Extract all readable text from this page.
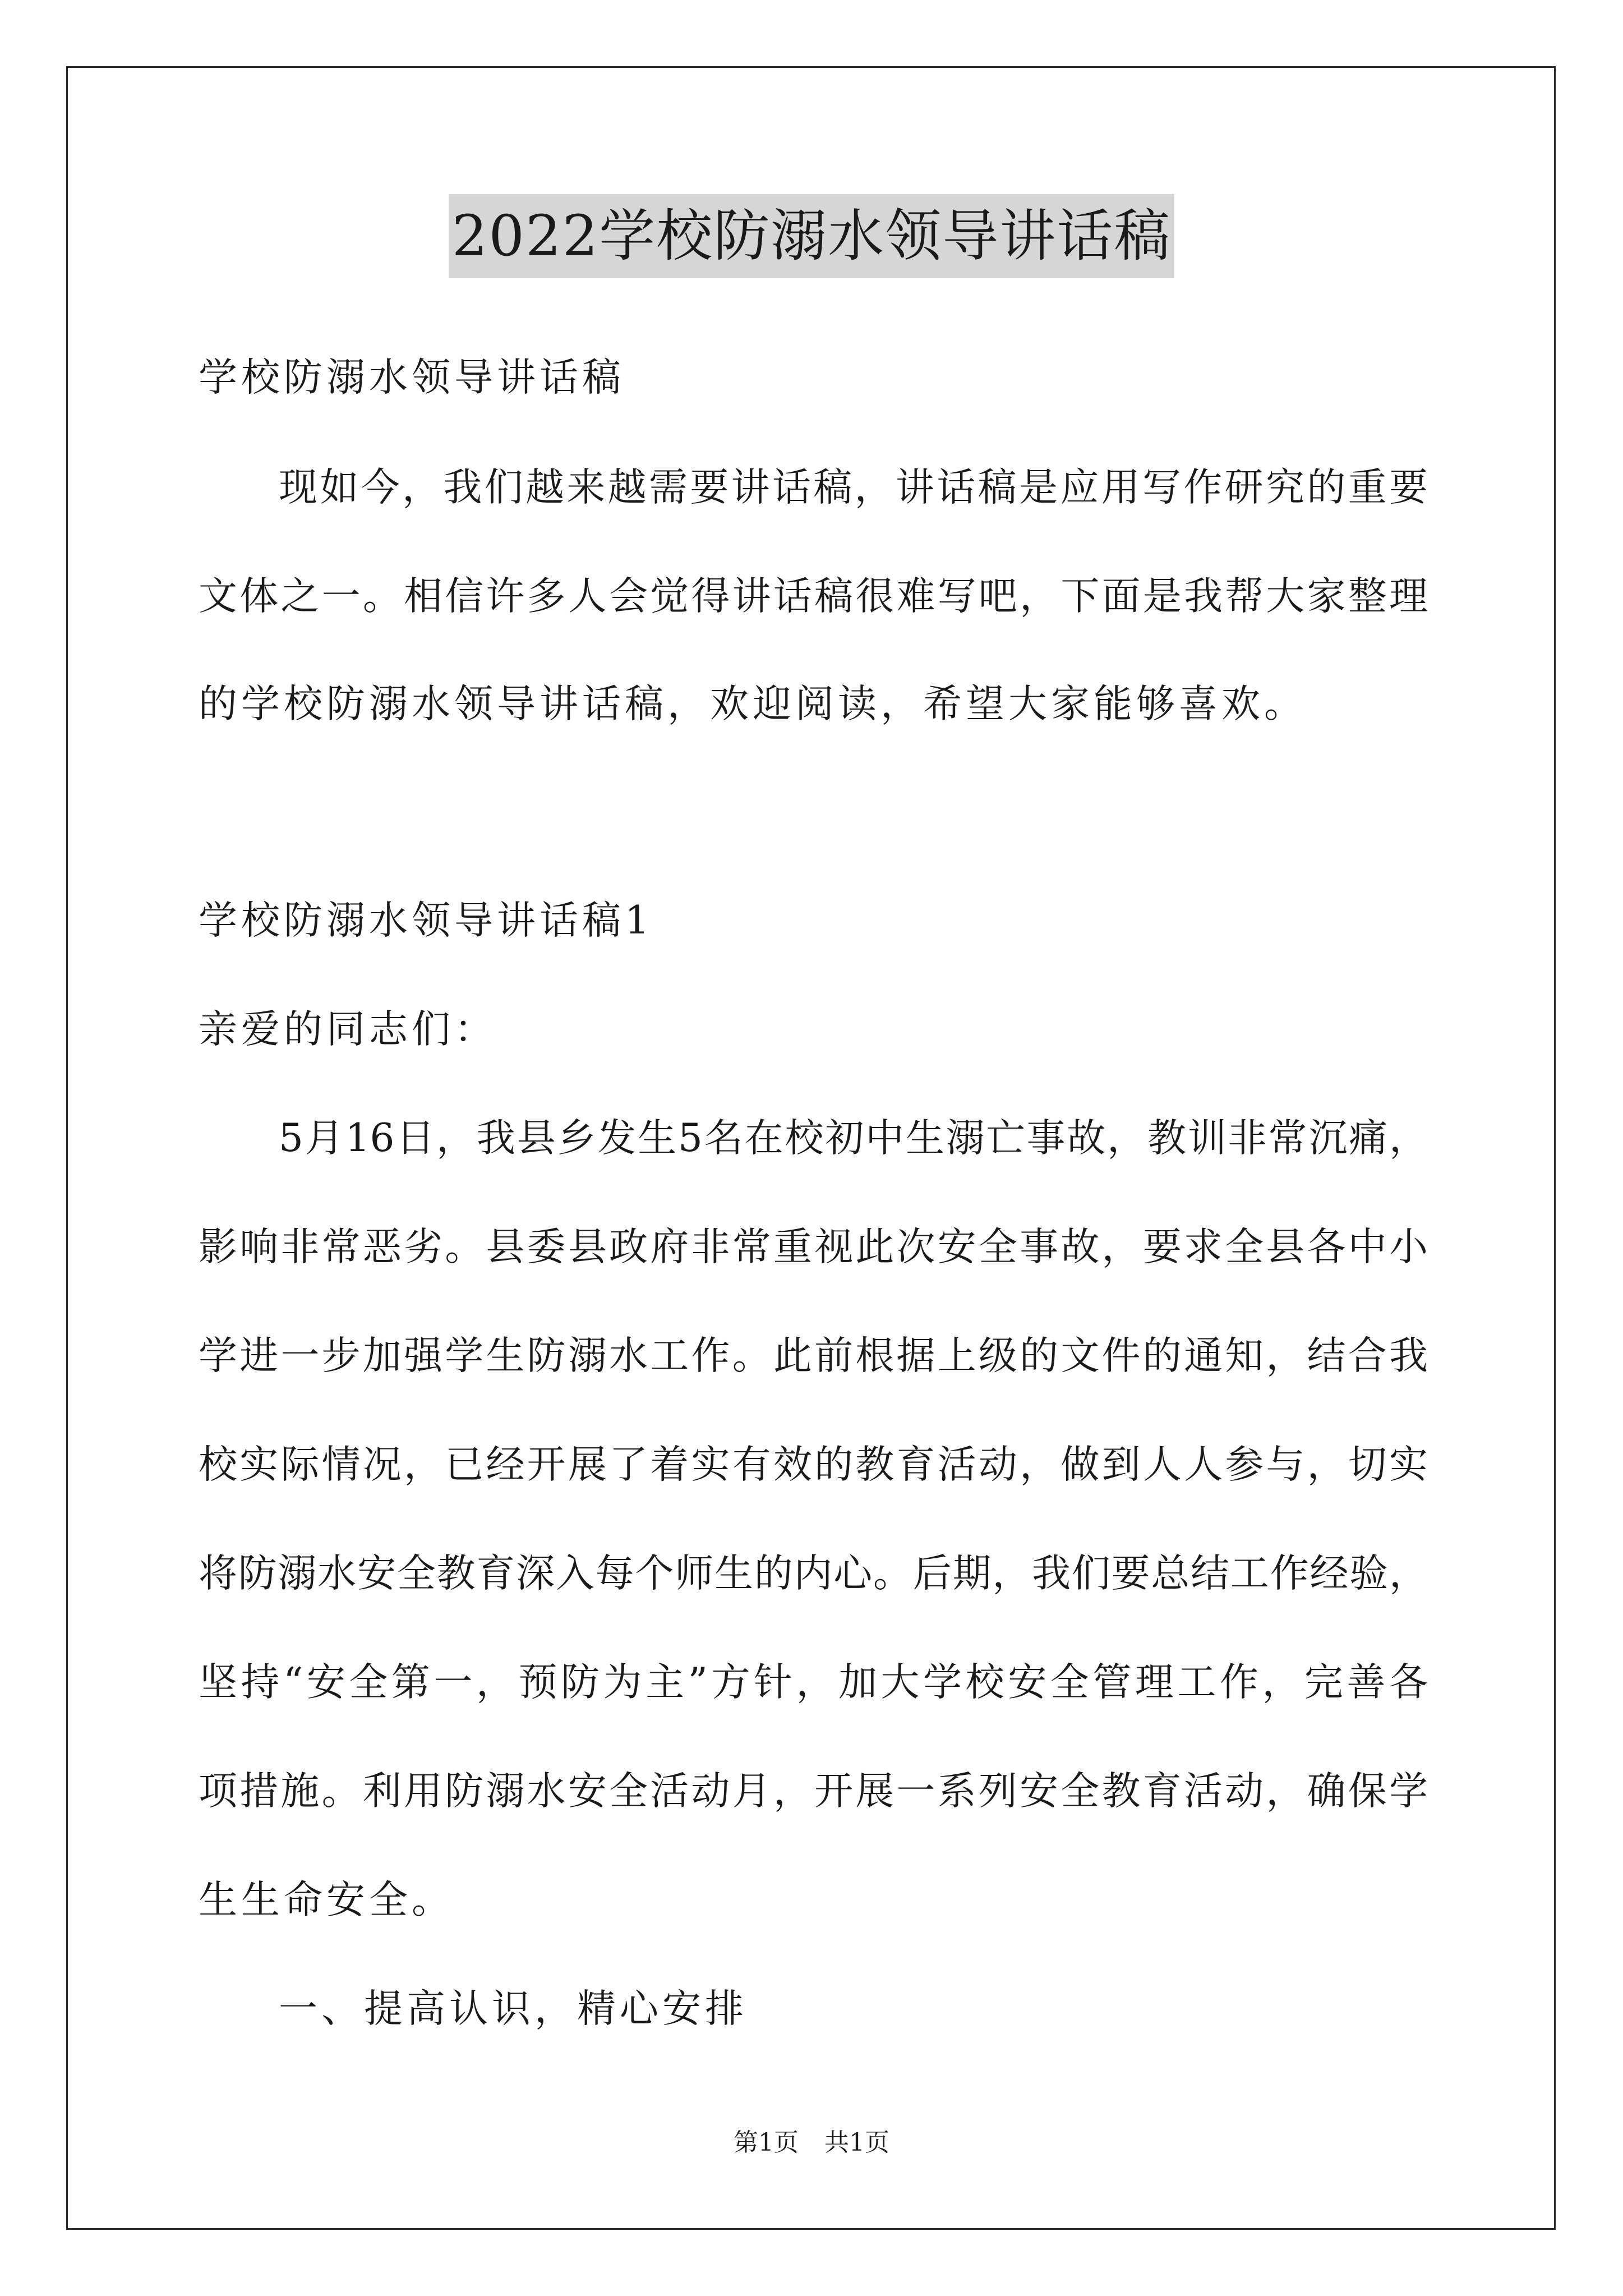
2022学校防溺水领导讲话稿
学校防溺水领导讲话稿
现如今，我们越来越需要讲话稿，讲话稿是应用写作研究的重要
文体之一。相信许多人会觉得讲话稿很难写吧，下面是我帮大家整理
的学校防溺水领导讲话稿，欢迎阅读，希望大家能够喜欢。
学校防溺水领导讲话稿1
亲爱的同志们：
5月16日，我县乡发生5名在校初中生溺亡事故，教训非常沉痛，
影响非常恶劣。县委县政府非常重视此次安全事故，要求全县各中小
学进一步加强学生防溺水工作。此前根据上级的文件的通知，结合我
校实际情况，已经开展了着实有效的教育活动，做到人人参与，切实
将防溺水安全教育深入每个师生的内心。后期，我们要总结工作经验，
坚持“安全第一，预防为主”方针，加大学校安全管理工作，完善各
项措施。利用防溺水安全活动月，开展一系列安全教育活动，确保学
生生命安全。
一、提高认识，精心安排
第1页 共1页
